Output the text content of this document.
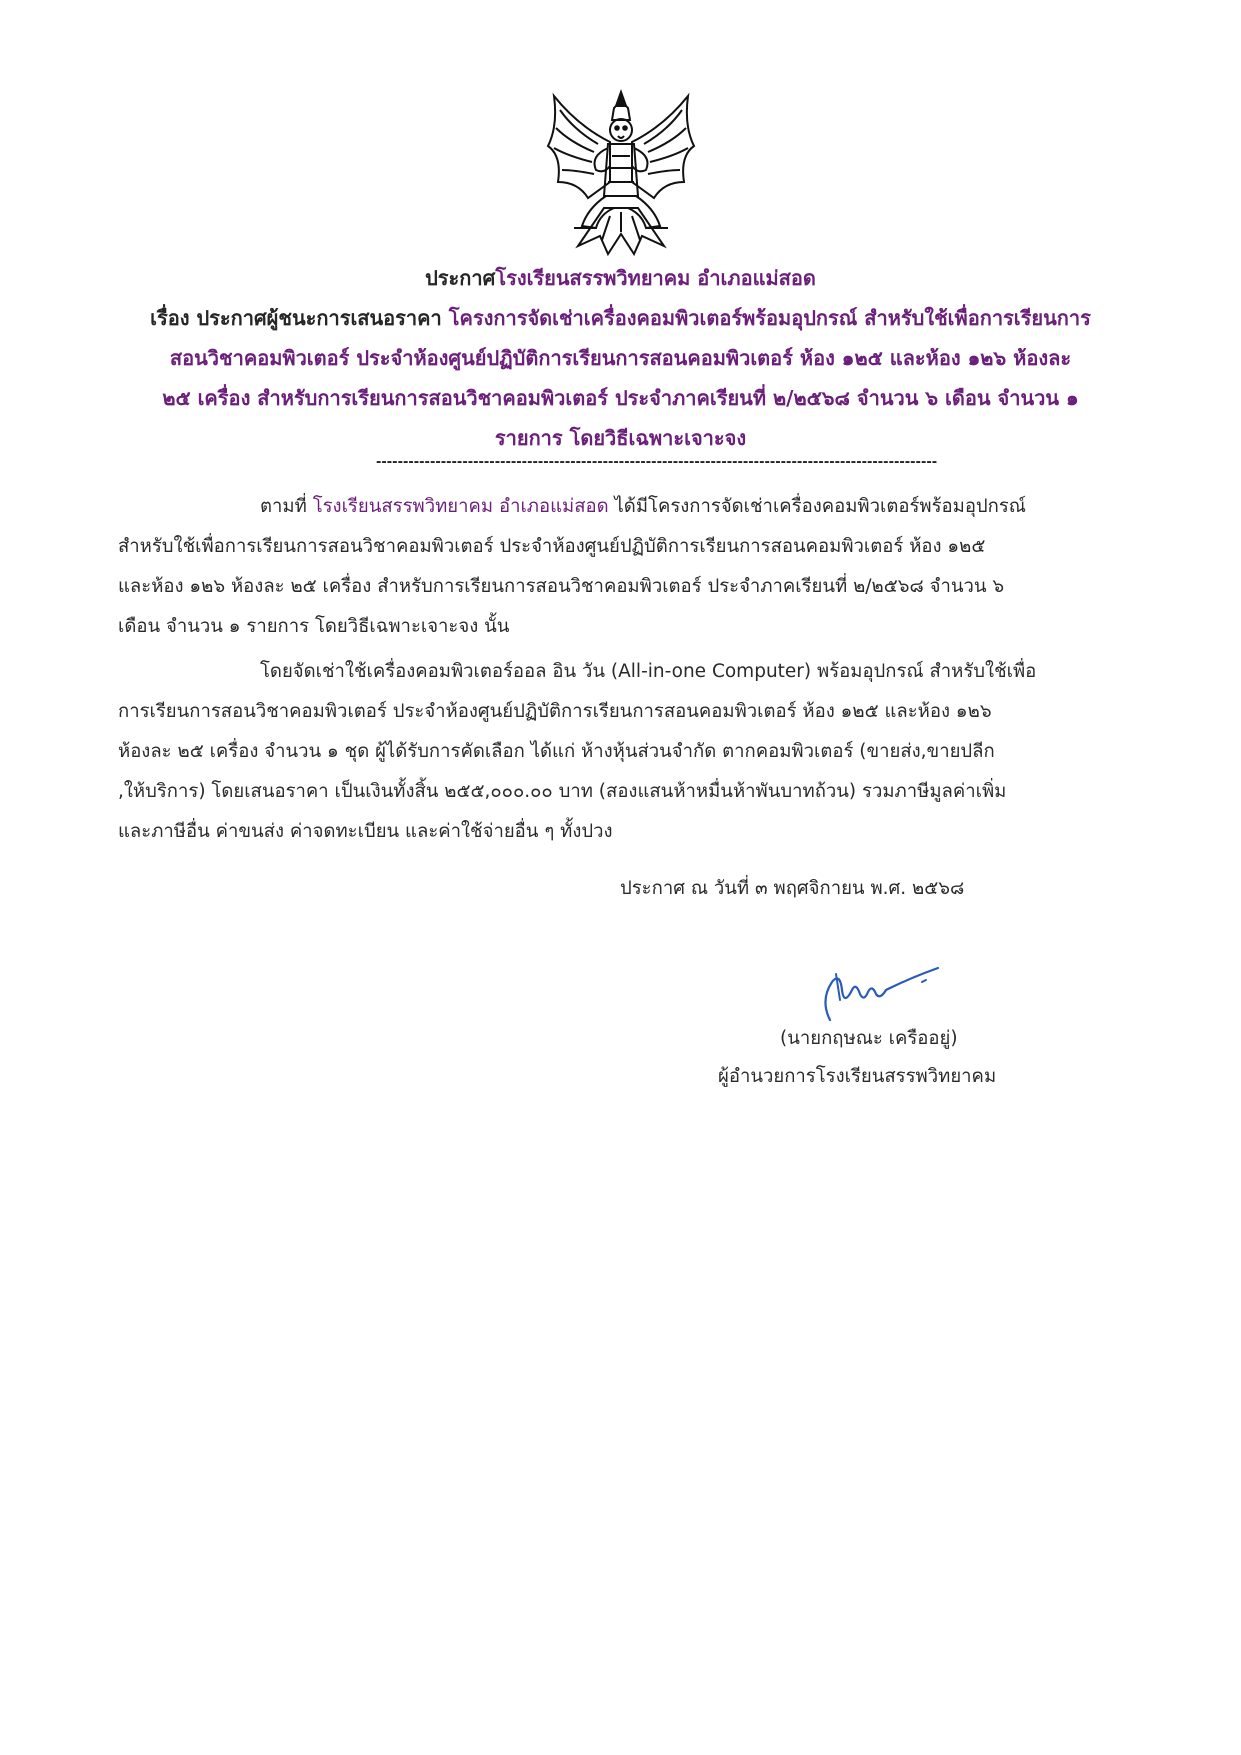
ประกาศโรงเรียนสรรพวิทยาคม อำเภอแม่สอด
เรื่อง ประกาศผู้ชนะการเสนอราคา โครงการจัดเช่าเครื่องคอมพิวเตอร์พร้อมอุปกรณ์ สำหรับใช้เพื่อการเรียนการ
สอนวิชาคอมพิวเตอร์ ประจำห้องศูนย์ปฏิบัติการเรียนการสอนคอมพิวเตอร์ ห้อง ๑๒๕ และห้อง ๑๒๖ ห้องละ
๒๕ เครื่อง สำหรับการเรียนการสอนวิชาคอมพิวเตอร์ ประจำภาคเรียนที่ ๒/๒๕๖๘ จำนวน ๖ เดือน จำนวน ๑
รายการ โดยวิธีเฉพาะเจาะจง
--------------------------------------------------------------------------------------------------------
ตามที่ โรงเรียนสรรพวิทยาคม อำเภอแม่สอด ได้มีโครงการจัดเช่าเครื่องคอมพิวเตอร์พร้อมอุปกรณ์
สำหรับใช้เพื่อการเรียนการสอนวิชาคอมพิวเตอร์ ประจำห้องศูนย์ปฏิบัติการเรียนการสอนคอมพิวเตอร์ ห้อง ๑๒๕
และห้อง ๑๒๖ ห้องละ ๒๕ เครื่อง สำหรับการเรียนการสอนวิชาคอมพิวเตอร์ ประจำภาคเรียนที่ ๒/๒๕๖๘ จำนวน ๖
เดือน จำนวน ๑ รายการ โดยวิธีเฉพาะเจาะจง นั้น
โดยจัดเช่าใช้เครื่องคอมพิวเตอร์ออล อิน วัน (All-in-one Computer) พร้อมอุปกรณ์ สำหรับใช้เพื่อ
การเรียนการสอนวิชาคอมพิวเตอร์ ประจำห้องศูนย์ปฏิบัติการเรียนการสอนคอมพิวเตอร์ ห้อง ๑๒๕ และห้อง ๑๒๖
ห้องละ ๒๕ เครื่อง จำนวน ๑ ชุด ผู้ได้รับการคัดเลือก ได้แก่ ห้างหุ้นส่วนจำกัด ตากคอมพิวเตอร์ (ขายส่ง,ขายปลีก
,ให้บริการ) โดยเสนอราคา เป็นเงินทั้งสิ้น ๒๕๕,๐๐๐.๐๐ บาท (สองแสนห้าหมื่นห้าพันบาทถ้วน) รวมภาษีมูลค่าเพิ่ม
และภาษีอื่น ค่าขนส่ง ค่าจดทะเบียน และค่าใช้จ่ายอื่น ๆ ทั้งปวง
ประกาศ ณ วันที่ ๓ พฤศจิกายน พ.ศ. ๒๕๖๘
(นายกฤษณะ เครืออยู่)
ผู้อำนวยการโรงเรียนสรรพวิทยาคม
